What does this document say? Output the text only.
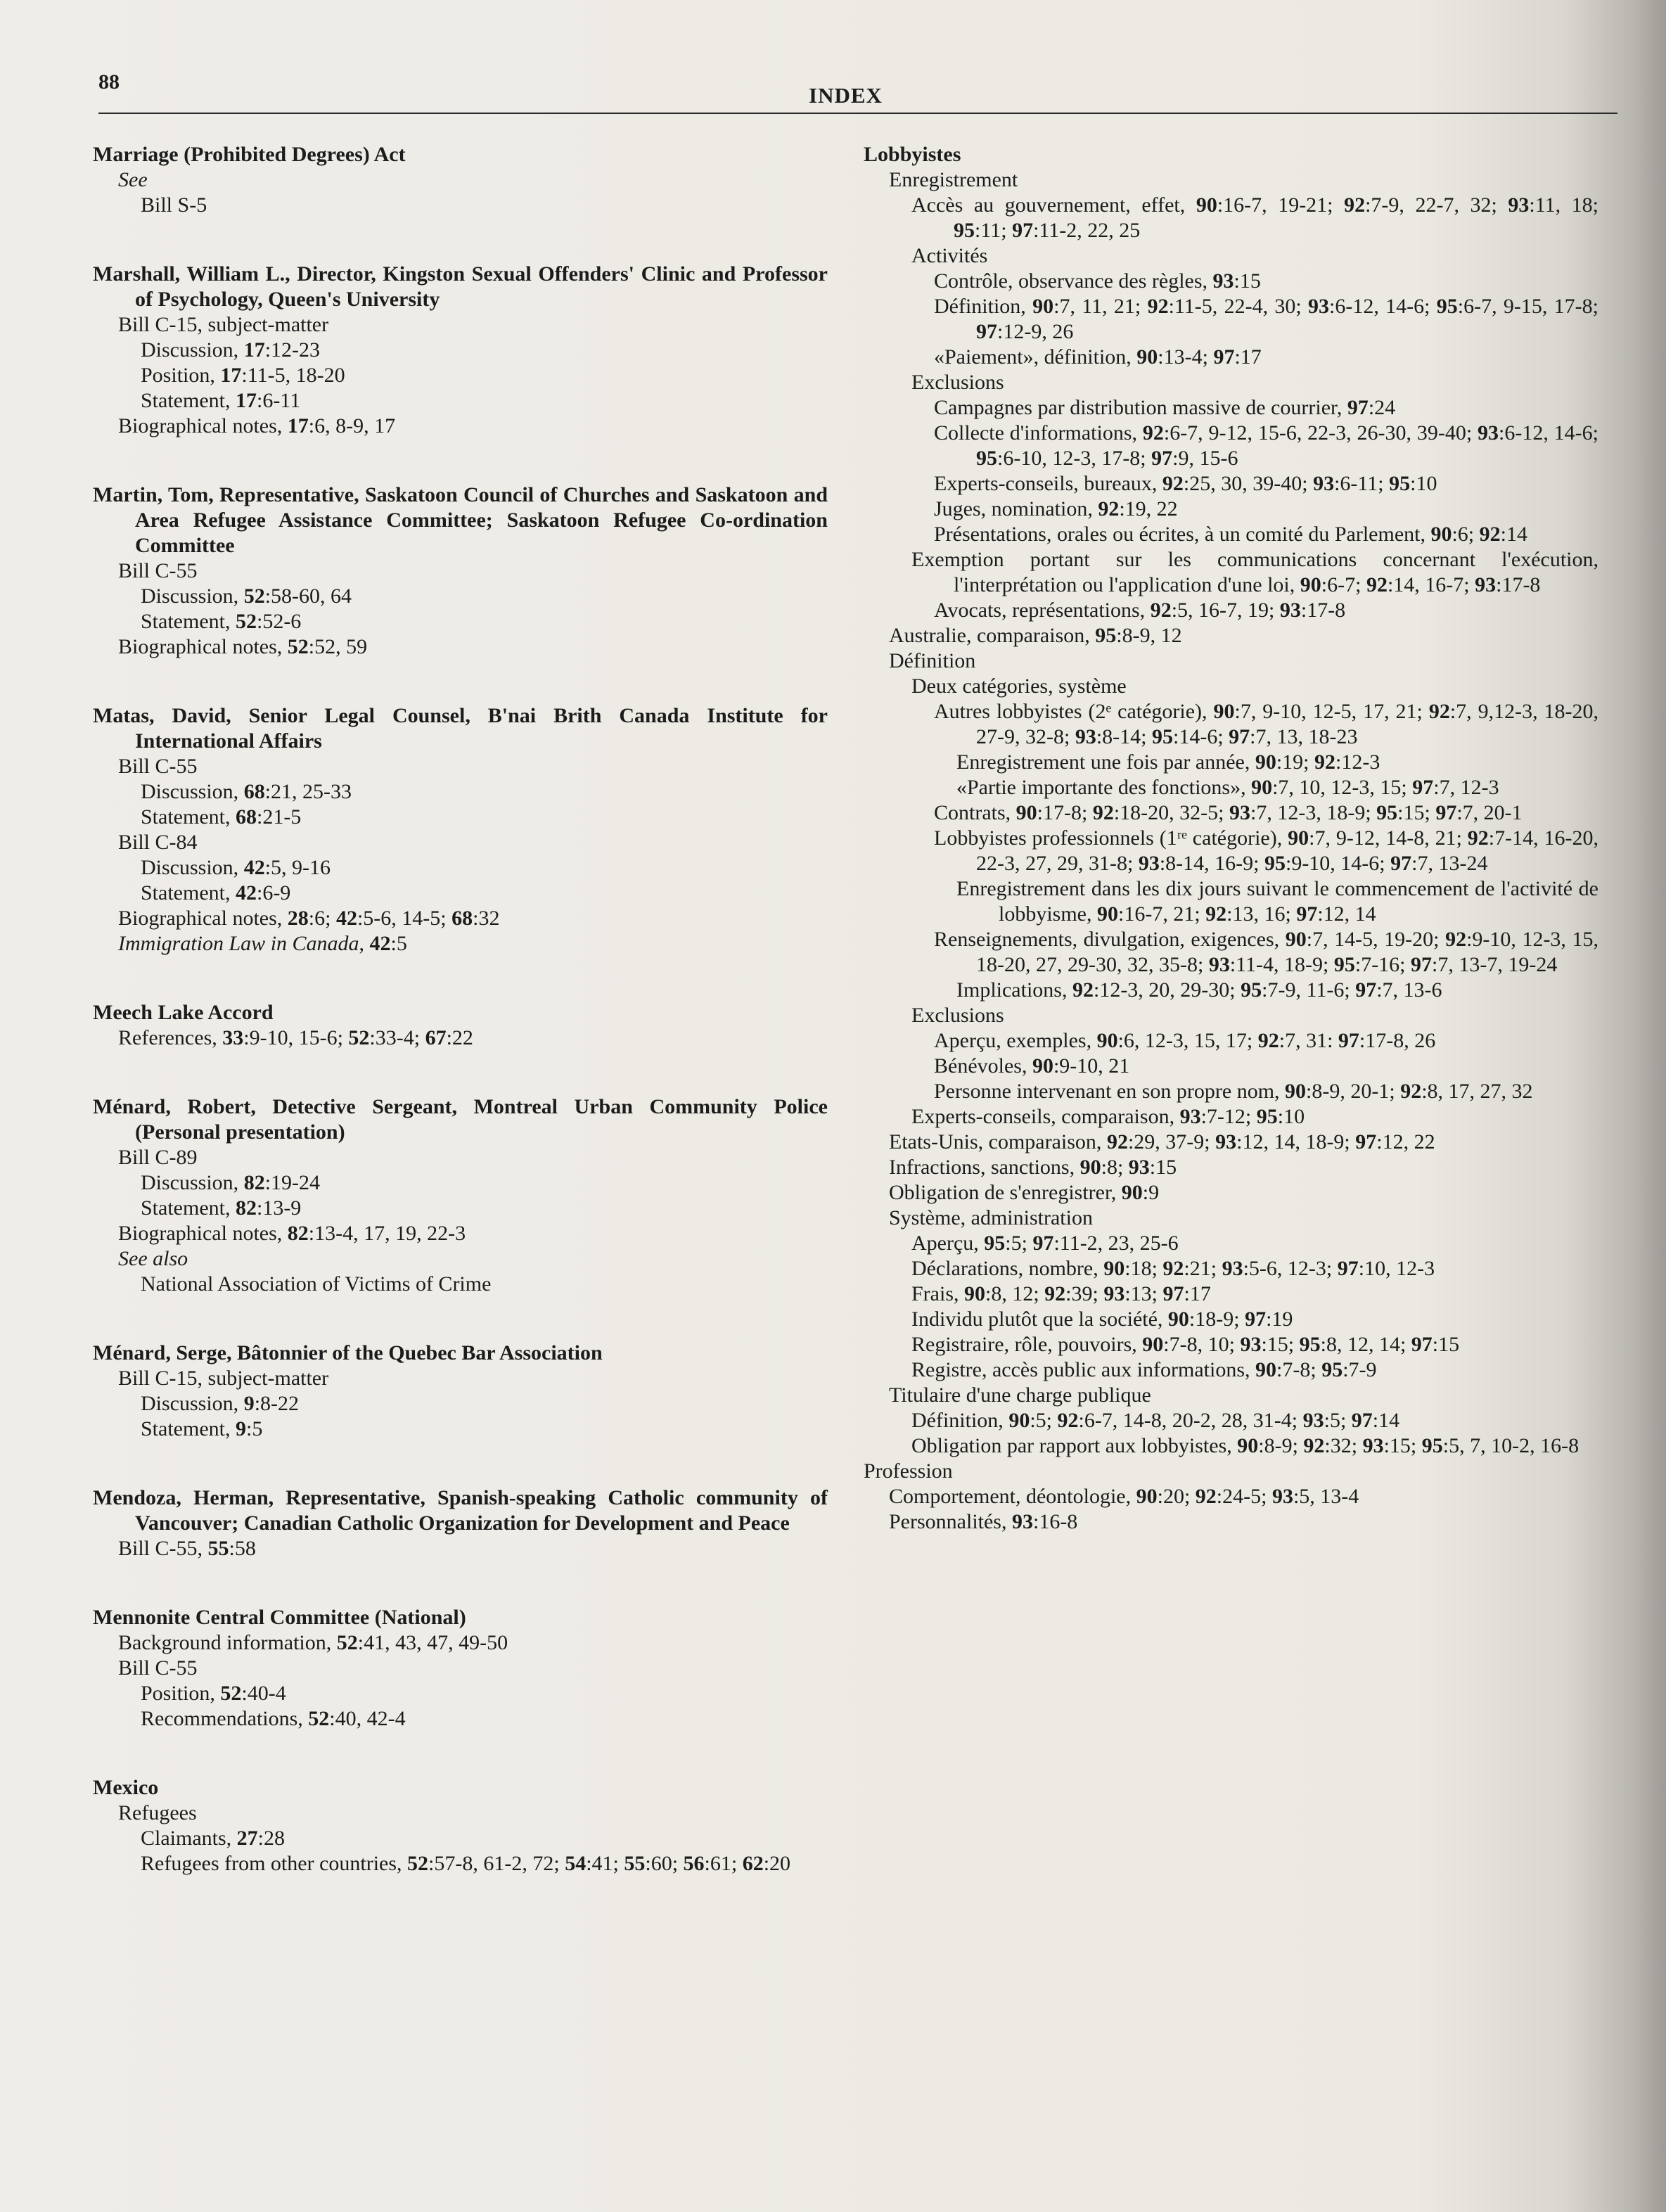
88
INDEX
Marriage (Prohibited Degrees) Act
See
Bill S-5
Marshall, William L., Director, Kingston Sexual Offenders' Clinic and Professor of Psychology, Queen's University
Bill C-15, subject-matter
Discussion, 17:12-23
Position, 17:11-5, 18-20
Statement, 17:6-11
Biographical notes, 17:6, 8-9, 17
Martin, Tom, Representative, Saskatoon Council of Churches and Saskatoon and Area Refugee Assistance Committee; Saskatoon Refugee Co-ordination Committee
Bill C-55
Discussion, 52:58-60, 64
Statement, 52:52-6
Biographical notes, 52:52, 59
Matas, David, Senior Legal Counsel, B'nai Brith Canada Institute for International Affairs
Bill C-55
Discussion, 68:21, 25-33
Statement, 68:21-5
Bill C-84
Discussion, 42:5, 9-16
Statement, 42:6-9
Biographical notes, 28:6; 42:5-6, 14-5; 68:32
Immigration Law in Canada, 42:5
Meech Lake Accord
References, 33:9-10, 15-6; 52:33-4; 67:22
Ménard, Robert, Detective Sergeant, Montreal Urban Community Police (Personal presentation)
Bill C-89
Discussion, 82:19-24
Statement, 82:13-9
Biographical notes, 82:13-4, 17, 19, 22-3
See also
National Association of Victims of Crime
Ménard, Serge, Bâtonnier of the Quebec Bar Association
Bill C-15, subject-matter
Discussion, 9:8-22
Statement, 9:5
Mendoza, Herman, Representative, Spanish-speaking Catholic community of Vancouver; Canadian Catholic Organization for Development and Peace
Bill C-55, 55:58
Mennonite Central Committee (National)
Background information, 52:41, 43, 47, 49-50
Bill C-55
Position, 52:40-4
Recommendations, 52:40, 42-4
Mexico
Refugees
Claimants, 27:28
Refugees from other countries, 52:57-8, 61-2, 72; 54:41; 55:60; 56:61; 62:20
Lobbyistes
Enregistrement
Accès au gouvernement, effet, 90:16-7, 19-21; 92:7-9, 22-7, 32; 93:11, 18; 95:11; 97:11-2, 22, 25
Activités
Contrôle, observance des règles, 93:15
Définition, 90:7, 11, 21; 92:11-5, 22-4, 30; 93:6-12, 14-6; 95:6-7, 9-15, 17-8; 97:12-9, 26
«Paiement», définition, 90:13-4; 97:17
Exclusions
Campagnes par distribution massive de courrier, 97:24
Collecte d'informations, 92:6-7, 9-12, 15-6, 22-3, 26-30, 39-40; 93:6-12, 14-6; 95:6-10, 12-3, 17-8; 97:9, 15-6
Experts-conseils, bureaux, 92:25, 30, 39-40; 93:6-11; 95:10
Juges, nomination, 92:19, 22
Présentations, orales ou écrites, à un comité du Parlement, 90:6; 92:14
Exemption portant sur les communications concernant l'exécution, l'interprétation ou l'application d'une loi, 90:6-7; 92:14, 16-7; 93:17-8
Avocats, représentations, 92:5, 16-7, 19; 93:17-8
Australie, comparaison, 95:8-9, 12
Définition
Deux catégories, système
Autres lobbyistes (2ᵉ catégorie), 90:7, 9-10, 12-5, 17, 21; 92:7, 9,12-3, 18-20, 27-9, 32-8; 93:8-14; 95:14-6; 97:7, 13, 18-23
Enregistrement une fois par année, 90:19; 92:12-3
«Partie importante des fonctions», 90:7, 10, 12-3, 15; 97:7, 12-3
Contrats, 90:17-8; 92:18-20, 32-5; 93:7, 12-3, 18-9; 95:15; 97:7, 20-1
Lobbyistes professionnels (1ʳᵉ catégorie), 90:7, 9-12, 14-8, 21; 92:7-14, 16-20, 22-3, 27, 29, 31-8; 93:8-14, 16-9; 95:9-10, 14-6; 97:7, 13-24
Enregistrement dans les dix jours suivant le commencement de l'activité de lobbyisme, 90:16-7, 21; 92:13, 16; 97:12, 14
Renseignements, divulgation, exigences, 90:7, 14-5, 19-20; 92:9-10, 12-3, 15, 18-20, 27, 29-30, 32, 35-8; 93:11-4, 18-9; 95:7-16; 97:7, 13-7, 19-24
Implications, 92:12-3, 20, 29-30; 95:7-9, 11-6; 97:7, 13-6
Exclusions
Aperçu, exemples, 90:6, 12-3, 15, 17; 92:7, 31: 97:17-8, 26
Bénévoles, 90:9-10, 21
Personne intervenant en son propre nom, 90:8-9, 20-1; 92:8, 17, 27, 32
Experts-conseils, comparaison, 93:7-12; 95:10
Etats-Unis, comparaison, 92:29, 37-9; 93:12, 14, 18-9; 97:12, 22
Infractions, sanctions, 90:8; 93:15
Obligation de s'enregistrer, 90:9
Système, administration
Aperçu, 95:5; 97:11-2, 23, 25-6
Déclarations, nombre, 90:18; 92:21; 93:5-6, 12-3; 97:10, 12-3
Frais, 90:8, 12; 92:39; 93:13; 97:17
Individu plutôt que la société, 90:18-9; 97:19
Registraire, rôle, pouvoirs, 90:7-8, 10; 93:15; 95:8, 12, 14; 97:15
Registre, accès public aux informations, 90:7-8; 95:7-9
Titulaire d'une charge publique
Définition, 90:5; 92:6-7, 14-8, 20-2, 28, 31-4; 93:5; 97:14
Obligation par rapport aux lobbyistes, 90:8-9; 92:32; 93:15; 95:5, 7, 10-2, 16-8
Profession
Comportement, déontologie, 90:20; 92:24-5; 93:5, 13-4
Personnalités, 93:16-8
